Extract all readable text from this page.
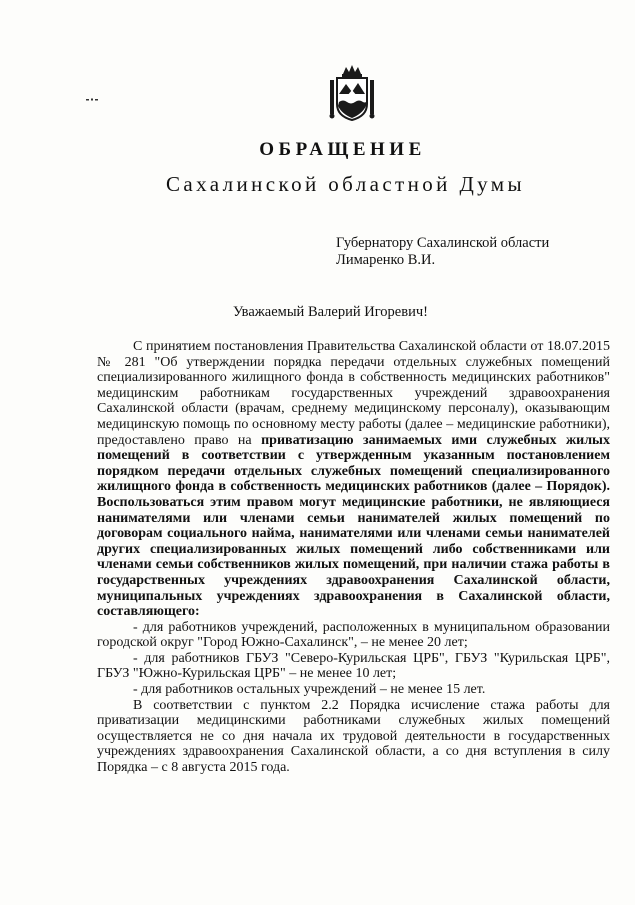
ОБРАЩЕНИЕ
Сахалинской областной Думы
Губернатору Сахалинской области
Лимаренко В.И.
Уважаемый Валерий Игоревич!

С принятием постановления Правительства Сахалинской области от 18.07.2015 № 281 "Об утверждении порядка передачи отдельных служебных помещений специализированного жилищного фонда в собственность медицинских работников" медицинским работникам государственных учреждений здравоохранения Сахалинской области (врачам, среднему медицинскому персоналу), оказывающим медицинскую помощь по основному месту работы (далее – медицинские работники), предоставлено право на приватизацию занимаемых ими служебных жилых помещений в соответствии с утвержденным указанным постановлением порядком передачи отдельных служебных помещений специализированного жилищного фонда в собственность медицинских работников (далее – Порядок). Воспользоваться этим правом могут медицинские работники, не являющиеся нанимателями или членами семьи нанимателей жилых помещений по договорам социального найма, нанимателями или членами семьи нанимателей других специализированных жилых помещений либо собственниками или членами семьи собственников жилых помещений, при наличии стажа работы в государственных учреждениях здравоохранения Сахалинской области, муниципальных учреждениях здравоохранения в Сахалинской области, составляющего:

- для работников учреждений, расположенных в муниципальном образовании городской округ "Город Южно-Сахалинск", – не менее 20 лет;

- для работников ГБУЗ "Северо-Курильская ЦРБ", ГБУЗ "Курильская ЦРБ", ГБУЗ "Южно-Курильская ЦРБ" – не менее 10 лет;

- для работников остальных учреждений – не менее 15 лет.

В соответствии с пунктом 2.2 Порядка исчисление стажа работы для приватизации медицинскими работниками служебных жилых помещений осуществляется не со дня начала их трудовой деятельности в государственных учреждениях здравоохранения Сахалинской области, а со дня вступления в силу Порядка – с 8 августа 2015 года.
